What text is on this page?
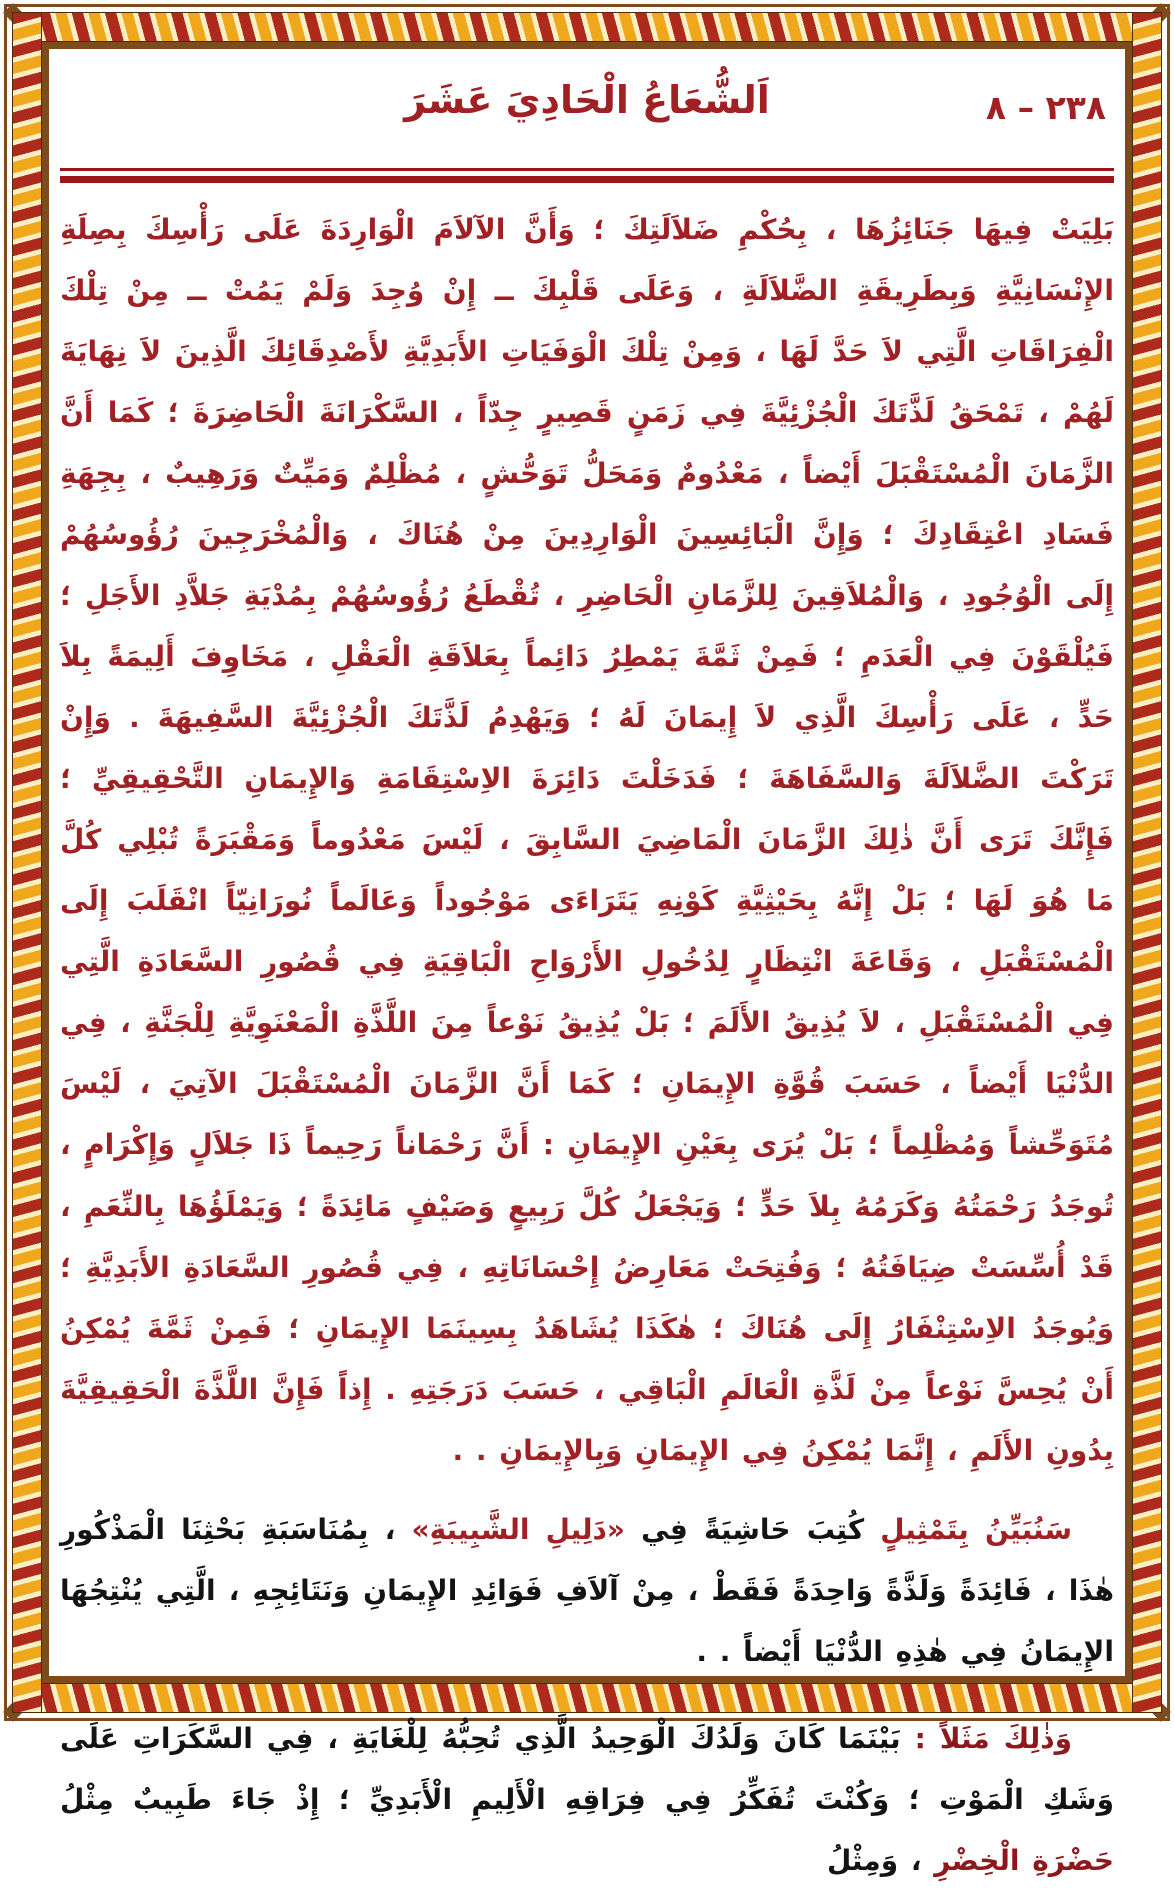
اَلشُّعَاعُ الْحَادِيَ عَشَرَ	٢٣٨ – ٨

بَلِيَتْ فِيهَا جَنَائِزُهَا ، بِحُكْمِ ضَلاَلَتِكَ ؛ وَأَنَّ الآلاَمَ الْوَارِدَةَ عَلَى رَأْسِكَ بِصِلَةِ الإِنْسَانِيَّةِ وَبِطَرِيقَةِ الضَّلاَلَةِ ، وَعَلَى قَلْبِكَ ــ إِنْ وُجِدَ وَلَمْ يَمُتْ ــ مِنْ تِلْكَ الْفِرَاقَاتِ الَّتِي لاَ حَدَّ لَهَا ، وَمِنْ تِلْكَ الْوَفَيَاتِ الأَبَدِيَّةِ لأَصْدِقَائِكَ الَّذِينَ لاَ نِهَايَةَ لَهُمْ ، تَمْحَقُ لَذَّتَكَ الْجُزْئِيَّةَ فِي زَمَنٍ قَصِيرٍ جِدّاً ، السَّكْرَانَةَ الْحَاضِرَةَ ؛ كَمَا أَنَّ الزَّمَانَ الْمُسْتَقْبَلَ أَيْضاً ، مَعْدُومٌ وَمَحَلُّ تَوَحُّشٍ ، مُظْلِمٌ وَمَيِّتٌ وَرَهِيبٌ ، بِجِهَةِ فَسَادِ اعْتِقَادِكَ ؛ وَإِنَّ الْبَائِسِينَ الْوَارِدِينَ مِنْ هُنَاكَ ، وَالْمُخْرَجِينَ رُؤُوسُهُمْ إِلَى الْوُجُودِ ، وَالْمُلاَقِينَ لِلزَّمَانِ الْحَاضِرِ ، تُقْطَعُ رُؤُوسُهُمْ بِمُدْيَةِ جَلاَّدِ الأَجَلِ ؛ فَيُلْقَوْنَ فِي الْعَدَمِ ؛ فَمِنْ ثَمَّةَ يَمْطِرُ دَائِماً بِعَلاَقَةِ الْعَقْلِ ، مَخَاوِفَ أَلِيمَةً بِلاَ حَدٍّ ، عَلَى رَأْسِكَ الَّذِي لاَ إِيمَانَ لَهُ ؛ وَيَهْدِمُ لَذَّتَكَ الْجُزْئِيَّةَ السَّفِيهَةَ . وَإِنْ تَرَكْتَ الضَّلاَلَةَ وَالسَّفَاهَةَ ؛ فَدَخَلْتَ دَائِرَةَ الاِسْتِقَامَةِ وَالإِيمَانِ التَّحْقِيقِيِّ ؛ فَإِنَّكَ تَرَى أَنَّ ذٰلِكَ الزَّمَانَ الْمَاضِيَ السَّابِقَ ، لَيْسَ مَعْدُوماً وَمَقْبَرَةً تُبْلِي كُلَّ مَا هُوَ لَهَا ؛ بَلْ إِنَّهُ بِحَيْثِيَّةِ كَوْنِهِ يَتَرَاءَى مَوْجُوداً وَعَالَماً نُورَانِيّاً انْقَلَبَ إِلَى الْمُسْتَقْبَلِ ، وَقَاعَةَ انْتِظَارٍ لِدُخُولِ الأَرْوَاحِ الْبَاقِيَةِ فِي قُصُورِ السَّعَادَةِ الَّتِي فِي الْمُسْتَقْبَلِ ، لاَ يُذِيقُ الأَلَمَ ؛ بَلْ يُذِيقُ نَوْعاً مِنَ اللَّذَّةِ الْمَعْنَوِيَّةِ لِلْجَنَّةِ ، فِي الدُّنْيَا أَيْضاً ، حَسَبَ قُوَّةِ الإِيمَانِ ؛ كَمَا أَنَّ الزَّمَانَ الْمُسْتَقْبَلَ الآتِيَ ، لَيْسَ مُتَوَحِّشاً وَمُظْلِماً ؛ بَلْ يُرَى بِعَيْنِ الإِيمَانِ : أَنَّ رَحْمَاناً رَحِيماً ذَا جَلاَلٍ وَإِكْرَامٍ ، تُوجَدُ رَحْمَتُهُ وَكَرَمُهُ بِلاَ حَدٍّ ؛ وَيَجْعَلُ كُلَّ رَبِيعٍ وَصَيْفٍ مَائِدَةً ؛ وَيَمْلَؤُهَا بِالنِّعَمِ ، قَدْ أُسِّسَتْ ضِيَافَتُهُ ؛ وَفُتِحَتْ مَعَارِضُ إِحْسَانَاتِهِ ، فِي قُصُورِ السَّعَادَةِ الأَبَدِيَّةِ ؛ وَيُوجَدُ الاِسْتِنْفَارُ إِلَى هُنَاكَ ؛ هٰكَذَا يُشَاهَدُ بِسِينَمَا الإِيمَانِ ؛ فَمِنْ ثَمَّةَ يُمْكِنُ أَنْ يُحِسَّ نَوْعاً مِنْ لَذَّةِ الْعَالَمِ الْبَاقِي ، حَسَبَ دَرَجَتِهِ . إِذاً فَإِنَّ اللَّذَّةَ الْحَقِيقِيَّةَ بِدُونِ الأَلَمِ ، إِنَّمَا يُمْكِنُ فِي الإِيمَانِ وَبِالإِيمَانِ . .

سَنُبَيِّنُ بِتَمْثِيلٍ كُتِبَ حَاشِيَةً فِي «دَلِيلِ الشَّبِيبَةِ» ، بِمُنَاسَبَةِ بَحْثِنَا الْمَذْكُورِ هٰذَا ، فَائِدَةً وَلَذَّةً وَاحِدَةً فَقَطْ ، مِنْ آلاَفِ فَوَائِدِ الإِيمَانِ وَنَتَائِجِهِ ، الَّتِي يُنْتِجُهَا الإِيمَانُ فِي هٰذِهِ الدُّنْيَا أَيْضاً . .

وَذٰلِكَ مَثَلاً : بَيْنَمَا كَانَ وَلَدُكَ الْوَحِيدُ الَّذِي تُحِبُّهُ لِلْغَايَةِ ، فِي السَّكَرَاتِ عَلَى وَشَكِ الْمَوْتِ ؛ وَكُنْتَ تُفَكِّرُ فِي فِرَاقِهِ الْأَلِيمِ الْأَبَدِيِّ ؛ إِذْ جَاءَ طَبِيبٌ مِثْلُ حَضْرَةِ الْخِضْرِ ، وَمِثْلُ
